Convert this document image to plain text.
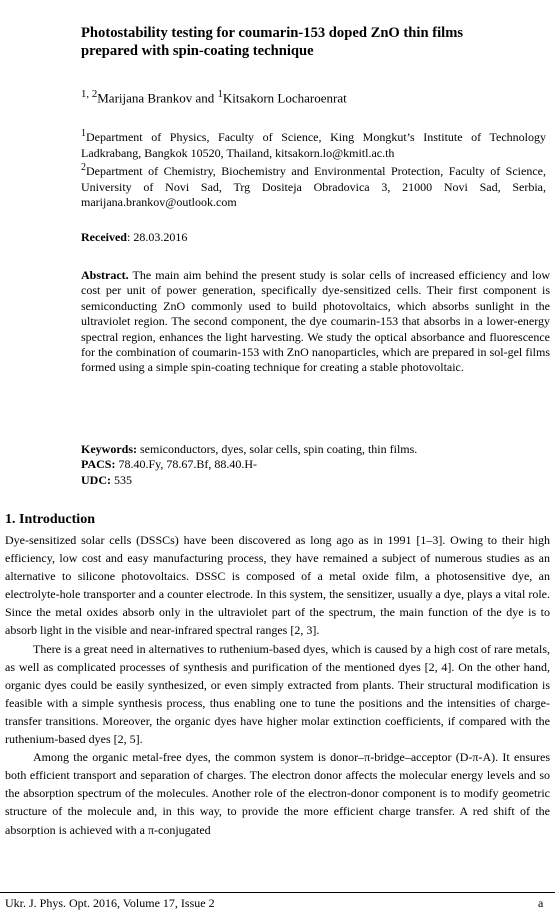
Photostability testing for coumarin-153 doped ZnO thin films prepared with spin-coating technique
$^{1, 2}$Marijana Brankov and $^1$Kitsakorn Locharoenrat
$^1$Department of Physics, Faculty of Science, King Mongkut’s Institute of Technology Ladkrabang, Bangkok 10520, Thailand, kitsakorn.lo@kmitl.ac.th
$^2$Department of Chemistry, Biochemistry and Environmental Protection, Faculty of Science, University of Novi Sad, Trg Dositeja Obradovica 3, 21000 Novi Sad, Serbia, marijana.brankov@outlook.com
Received: 28.03.2016
Abstract. The main aim behind the present study is solar cells of increased efficiency and low cost per unit of power generation, specifically dye-sensitized cells. Their first component is semiconducting ZnO commonly used to build photovoltaics, which absorbs sunlight in the ultraviolet region. The second component, the dye coumarin-153 that absorbs in a lower-energy spectral region, enhances the light harvesting. We study the optical absorbance and fluorescence for the combination of coumarin-153 with ZnO nanoparticles, which are prepared in sol-gel films formed using a simple spin-coating technique for creating a stable photovoltaic.
Keywords: semiconductors, dyes, solar cells, spin coating, thin films.
PACS: 78.40.Fy, 78.67.Bf, 88.40.H-
UDC: 535
1. Introduction

Dye-sensitized solar cells (DSSCs) have been discovered as long ago as in 1991 [1–3]. Owing to their high efficiency, low cost and easy manufacturing process, they have remained a subject of numerous studies as an alternative to silicone photovoltaics. DSSC is composed of a metal oxide film, a photosensitive dye, an electrolyte-hole transporter and a counter electrode. In this system, the sensitizer, usually a dye, plays a vital role. Since the metal oxides absorb only in the ultraviolet part of the spectrum, the main function of the dye is to absorb light in the visible and near-infrared spectral ranges [2, 3].

There is a great need in alternatives to ruthenium-based dyes, which is caused by a high cost of rare metals, as well as complicated processes of synthesis and purification of the mentioned dyes [2, 4]. On the other hand, organic dyes could be easily synthesized, or even simply extracted from plants. Their structural modification is feasible with a simple synthesis process, thus enabling one to tune the positions and the intensities of charge-transfer transitions. Moreover, the organic dyes have higher molar extinction coefficients, if compared with the ruthenium-based dyes [2, 5].

Among the organic metal-free dyes, the common system is donor–π-bridge–acceptor (D-π-A). It ensures both efficient transport and separation of charges. The electron donor affects the molecular energy levels and so the absorption spectrum of the molecules. Another role of the electron-donor component is to modify geometric structure of the molecule and, in this way, to provide the more efficient charge transfer. A red shift of the absorption is achieved with a π-conjugated

Ukr. J. Phys. Opt. 2016, Volume 17, Issue 2	a
